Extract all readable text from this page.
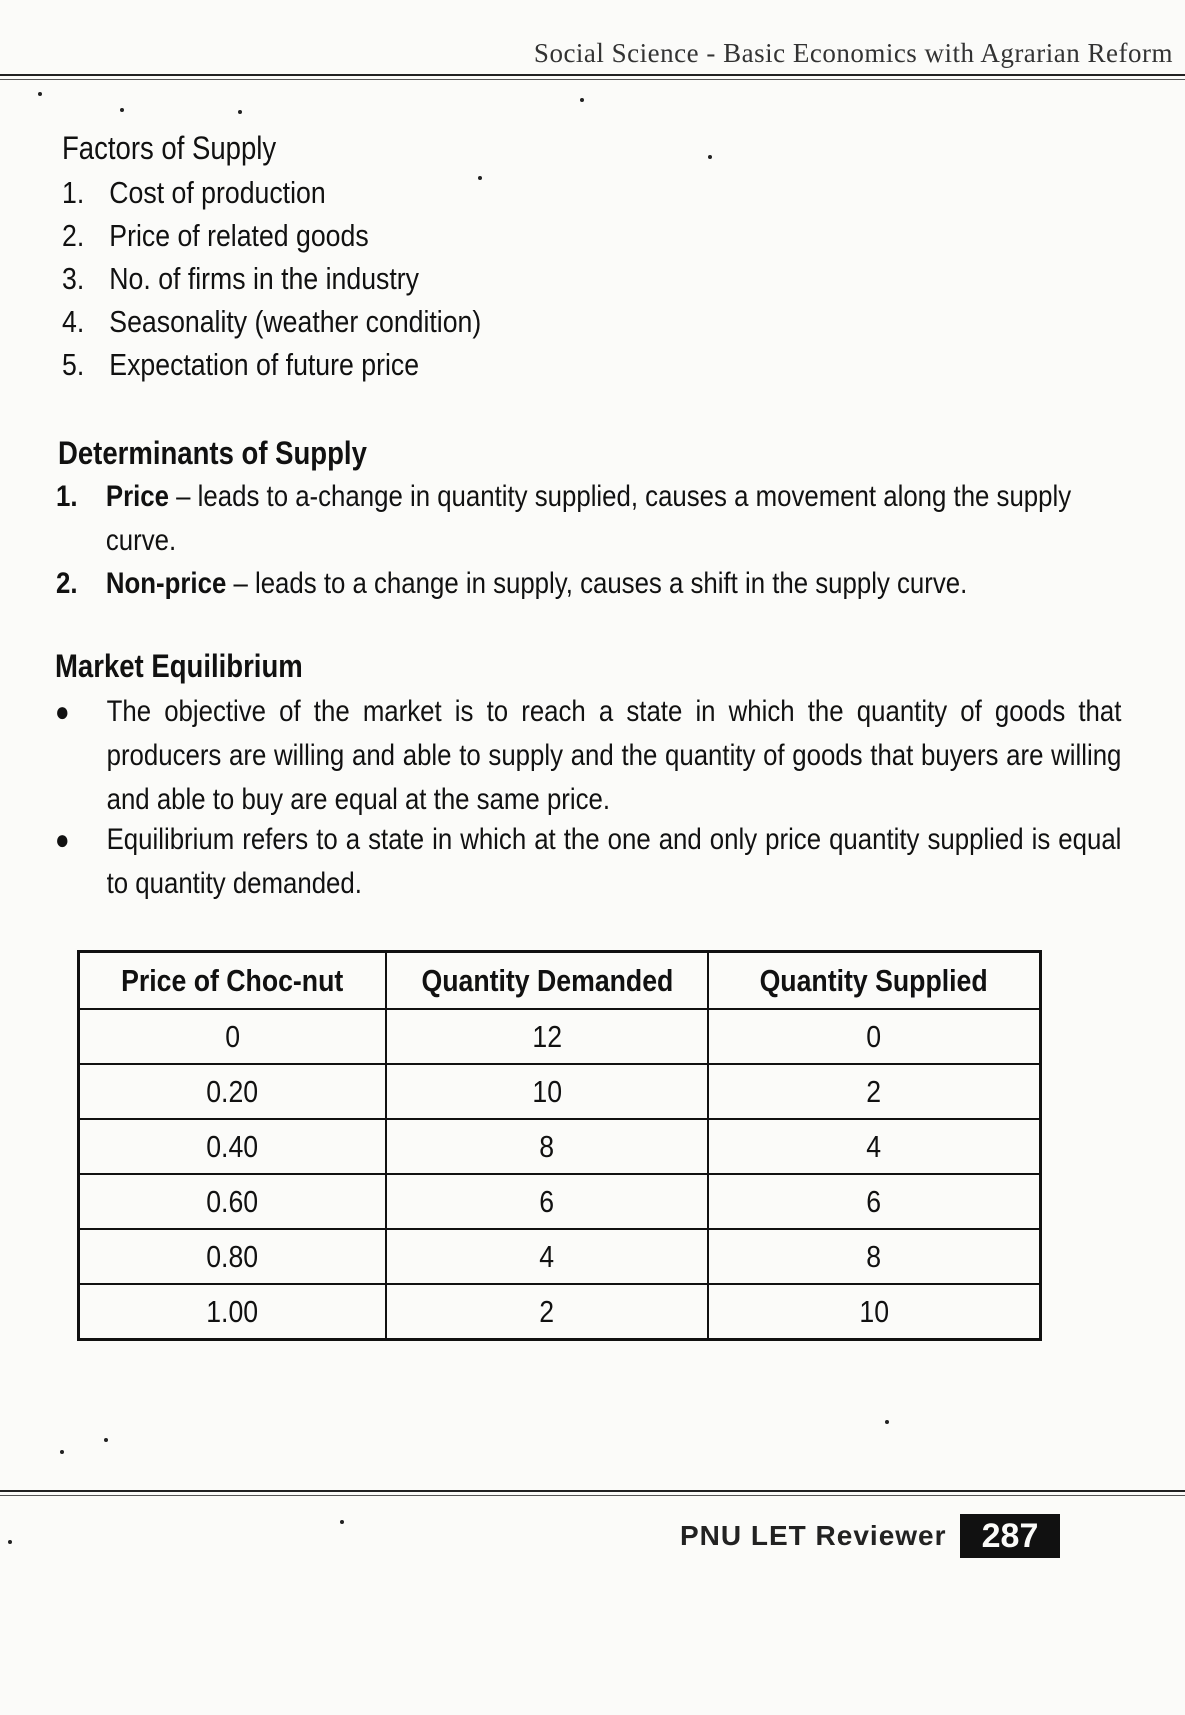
Social Science - Basic Economics with Agrarian Reform
Factors of Supply
1. Cost of production
2. Price of related goods
3. No. of firms in the industry
4. Seasonality (weather condition)
5. Expectation of future price
Determinants of Supply
1. Price – leads to a-change in quantity supplied, causes a movement along the supply curve.
2. Non-price – leads to a change in supply, causes a shift in the supply curve.
Market Equilibrium
● The objective of the market is to reach a state in which the quantity of goods that producers are willing and able to supply and the quantity of goods that buyers are willing and able to buy are equal at the same price.
● Equilibrium refers to a state in which at the one and only price quantity supplied is equal to quantity demanded.
Price of Choc-nut	Quantity Demanded	Quantity Supplied
0	12	0
0.20	10	2
0.40	8	4
0.60	6	6
0.80	4	8
1.00	2	10
PNU LET Reviewer	287
